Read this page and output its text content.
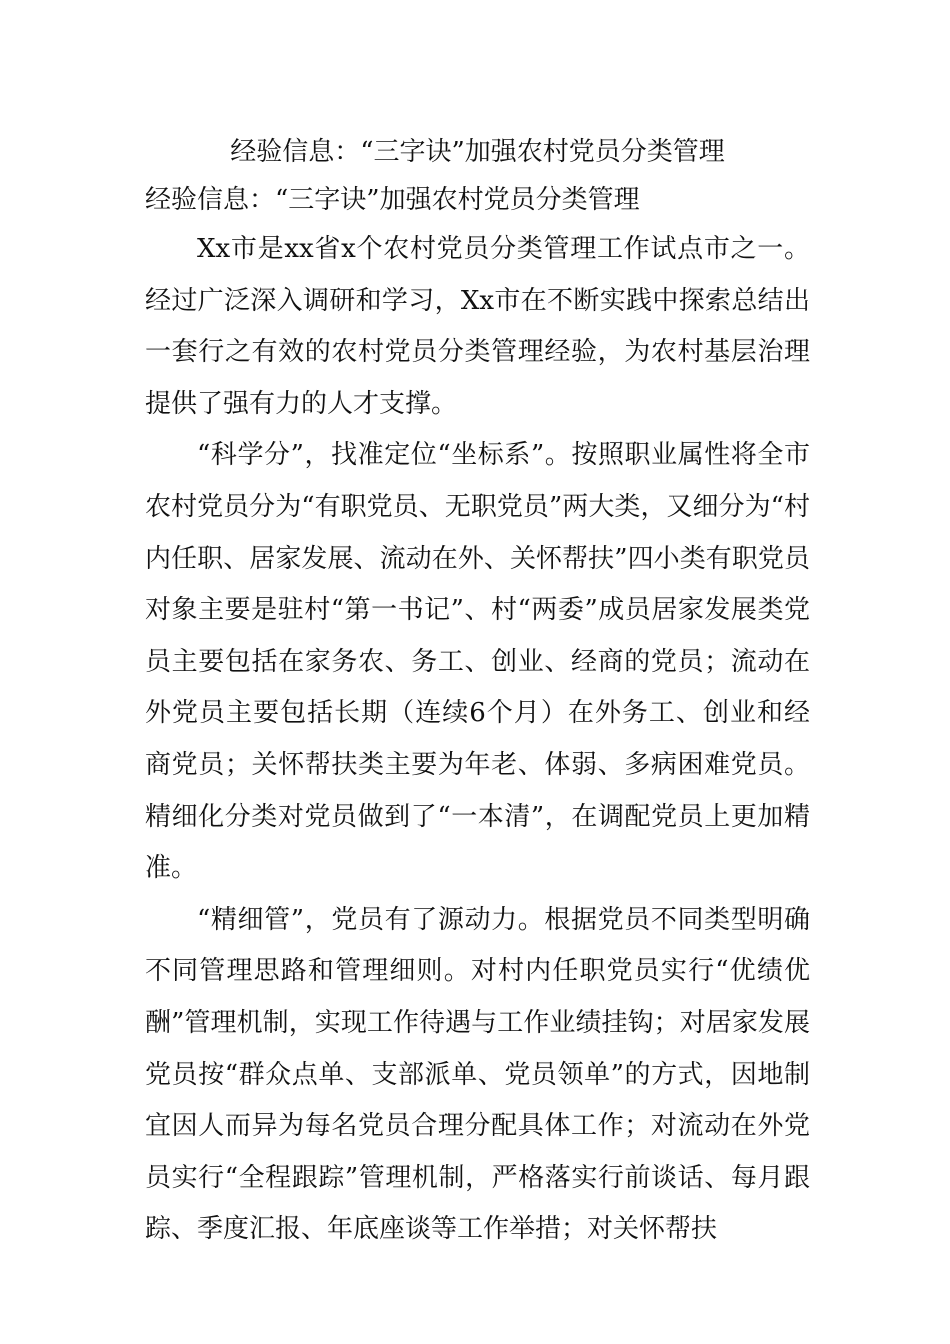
经验信息：“三字诀”加强农村党员分类管理

经验信息：“三字诀”加强农村党员分类管理

Xx市是xx省x个农村党员分类管理工作试点市之一。经过广泛深入调研和学习，Xx市在不断实践中探索总结出一套行之有效的农村党员分类管理经验，为农村基层治理提供了强有力的人才支撑。

“科学分”，找准定位“坐标系”。按照职业属性将全市农村党员分为“有职党员、无职党员”两大类，又细分为“村内任职、居家发展、流动在外、关怀帮扶”四小类有职党员对象主要是驻村“第一书记”、村“两委”成员居家发展类党员主要包括在家务农、务工、创业、经商的党员；流动在外党员主要包括长期（连续6个月）在外务工、创业和经商党员；关怀帮扶类主要为年老、体弱、多病困难党员。精细化分类对党员做到了“一本清”，在调配党员上更加精准。

“精细管”，党员有了源动力。根据党员不同类型明确不同管理思路和管理细则。对村内任职党员实行“优绩优酬”管理机制，实现工作待遇与工作业绩挂钩；对居家发展党员按“群众点单、支部派单、党员领单”的方式，因地制宜因人而异为每名党员合理分配具体工作；对流动在外党员实行“全程跟踪”管理机制，严格落实行前谈话、每月跟踪、季度汇报、年底座谈等工作举措；对关怀帮扶
